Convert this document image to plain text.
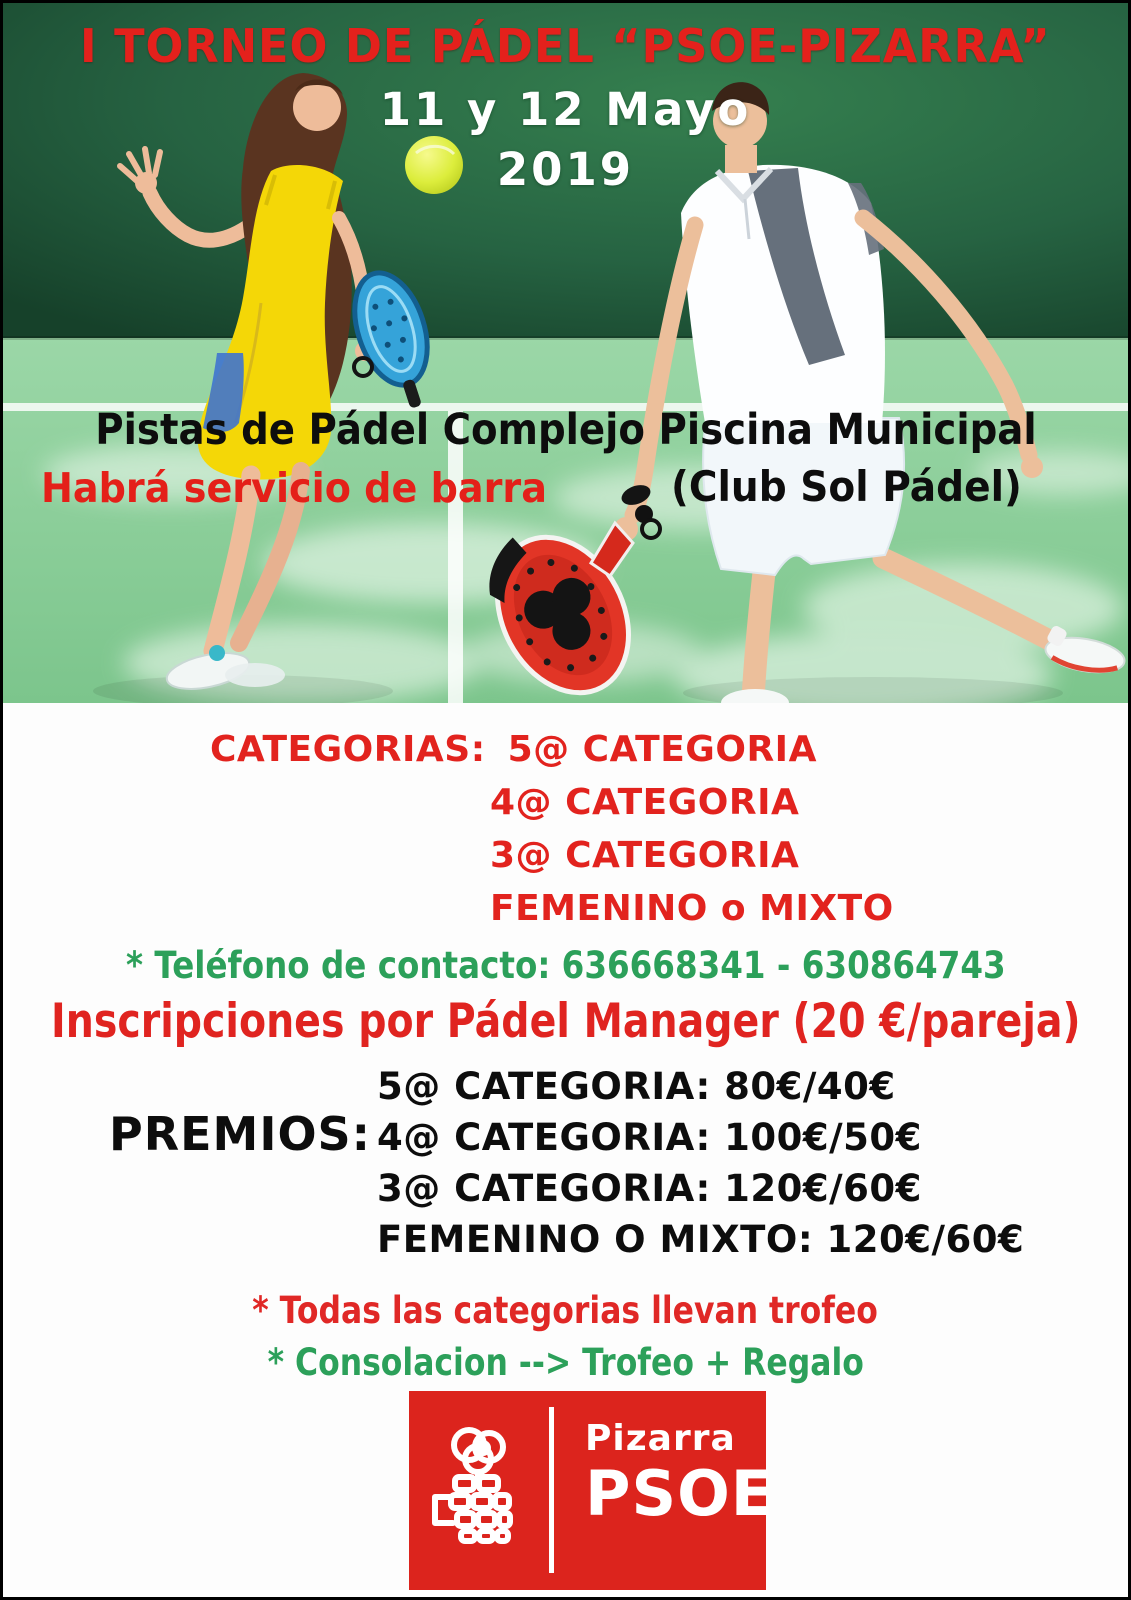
I TORNEO DE PÁDEL “PSOE-PIZARRA”
11 y 12 Mayo
2019
Pistas de Pádel Complejo Piscina Municipal
Habrá servicio de barra	(Club Sol Pádel)
CATEGORIAS: 5@ CATEGORIA
4@ CATEGORIA
3@ CATEGORIA
FEMENINO o MIXTO
* Teléfono de contacto: 636668341 - 630864743
Inscripciones por Pádel Manager (20 €/pareja)
PREMIOS:
5@ CATEGORIA: 80€/40€
4@ CATEGORIA: 100€/50€
3@ CATEGORIA: 120€/60€
FEMENINO O MIXTO: 120€/60€
* Todas las categorias llevan trofeo
* Consolacion --> Trofeo + Regalo
Pizarra
PSOE
